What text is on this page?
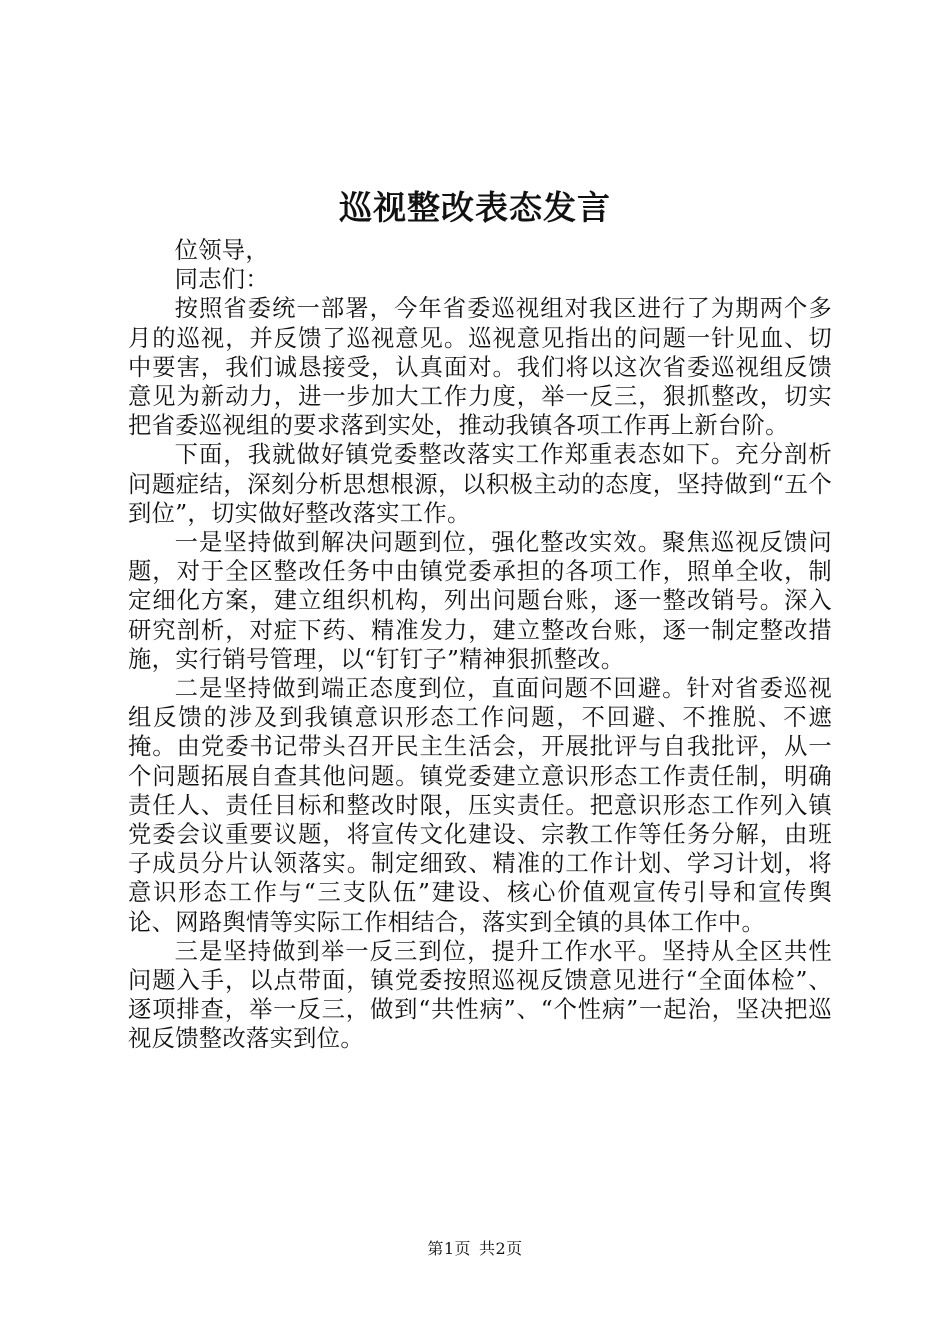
巡视整改表态发言
位领导，
同志们：

按照省委统一部署，今年省委巡视组对我区进行了为期两个多月的巡视，并反馈了巡视意见。巡视意见指出的问题一针见血、切中要害，我们诚恳接受，认真面对。我们将以这次省委巡视组反馈意见为新动力，进一步加大工作力度，举一反三，狠抓整改，切实把省委巡视组的要求落到实处，推动我镇各项工作再上新台阶。

下面，我就做好镇党委整改落实工作郑重表态如下。充分剖析问题症结，深刻分析思想根源，以积极主动的态度，坚持做到“五个到位”，切实做好整改落实工作。

一是坚持做到解决问题到位，强化整改实效。聚焦巡视反馈问题，对于全区整改任务中由镇党委承担的各项工作，照单全收，制定细化方案，建立组织机构，列出问题台账，逐一整改销号。深入研究剖析，对症下药、精准发力，建立整改台账，逐一制定整改措施，实行销号管理，以“钉钉子”精神狠抓整改。

二是坚持做到端正态度到位，直面问题不回避。针对省委巡视组反馈的涉及到我镇意识形态工作问题，不回避、不推脱、不遮掩。由党委书记带头召开民主生活会，开展批评与自我批评，从一个问题拓展自查其他问题。镇党委建立意识形态工作责任制，明确责任人、责任目标和整改时限，压实责任。把意识形态工作列入镇党委会议重要议题，将宣传文化建设、宗教工作等任务分解，由班子成员分片认领落实。制定细致、精准的工作计划、学习计划，将意识形态工作与“三支队伍”建设、核心价值观宣传引导和宣传舆论、网路舆情等实际工作相结合，落实到全镇的具体工作中。

三是坚持做到举一反三到位，提升工作水平。坚持从全区共性问题入手，以点带面，镇党委按照巡视反馈意见进行“全面体检”、逐项排查，举一反三，做到“共性病”、“个性病”一起治，坚决把巡视反馈整改落实到位。

第1页 共2页
